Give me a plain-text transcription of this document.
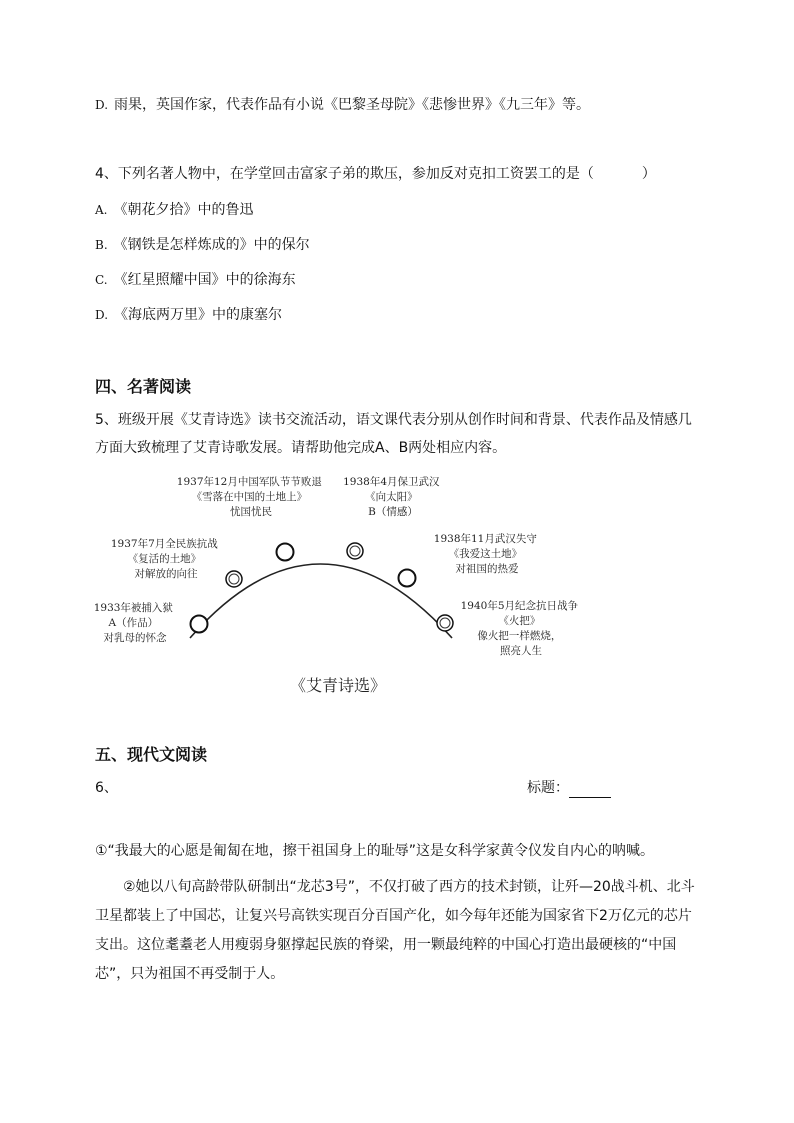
D. 雨果，英国作家，代表作品有小说《巴黎圣母院》《悲惨世界》《九三年》等。
4、下列名著人物中，在学堂回击富家子弟的欺压，参加反对克扣工资罢工的是（	）
A. 《朝花夕拾》中的鲁迅
B. 《钢铁是怎样炼成的》中的保尔
C. 《红星照耀中国》中的徐海东
D. 《海底两万里》中的康塞尔
四、名著阅读
5、班级开展《艾青诗选》读书交流活动，语文课代表分别从创作时间和背景、代表作品及情感几
方面大致梳理了艾青诗歌发展。请帮助他完成A、B两处相应内容。
1933年被捕入狱 A（作品） 对乳母的怀念
1937年7月全民族抗战 《复活的土地》 对解放的向往
1937年12月中国军队节节败退 《雪落在中国的土地上》 忧国忧民
1938年4月保卫武汉 《向太阳》 B（情感）
1938年11月武汉失守 《我爱这土地》 对祖国的热爱
1940年5月纪念抗日战争 《火把》 像火把一样燃烧， 照亮人生
《艾青诗选》
五、现代文阅读
6、	标题：
①“我最大的心愿是匍匐在地，擦干祖国身上的耻辱”这是女科学家黄令仪发自内心的呐喊。
②她以八旬高龄带队研制出“龙芯3号”，不仅打破了西方的技术封锁，让歼—20战斗机、北斗卫星都装上了中国芯，让复兴号高铁实现百分百国产化，如今每年还能为国家省下2万亿元的芯片支出。这位耄耋老人用瘦弱身躯撑起民族的脊梁，用一颗最纯粹的中国心打造出最硬核的“中国芯”，只为祖国不再受制于人。
